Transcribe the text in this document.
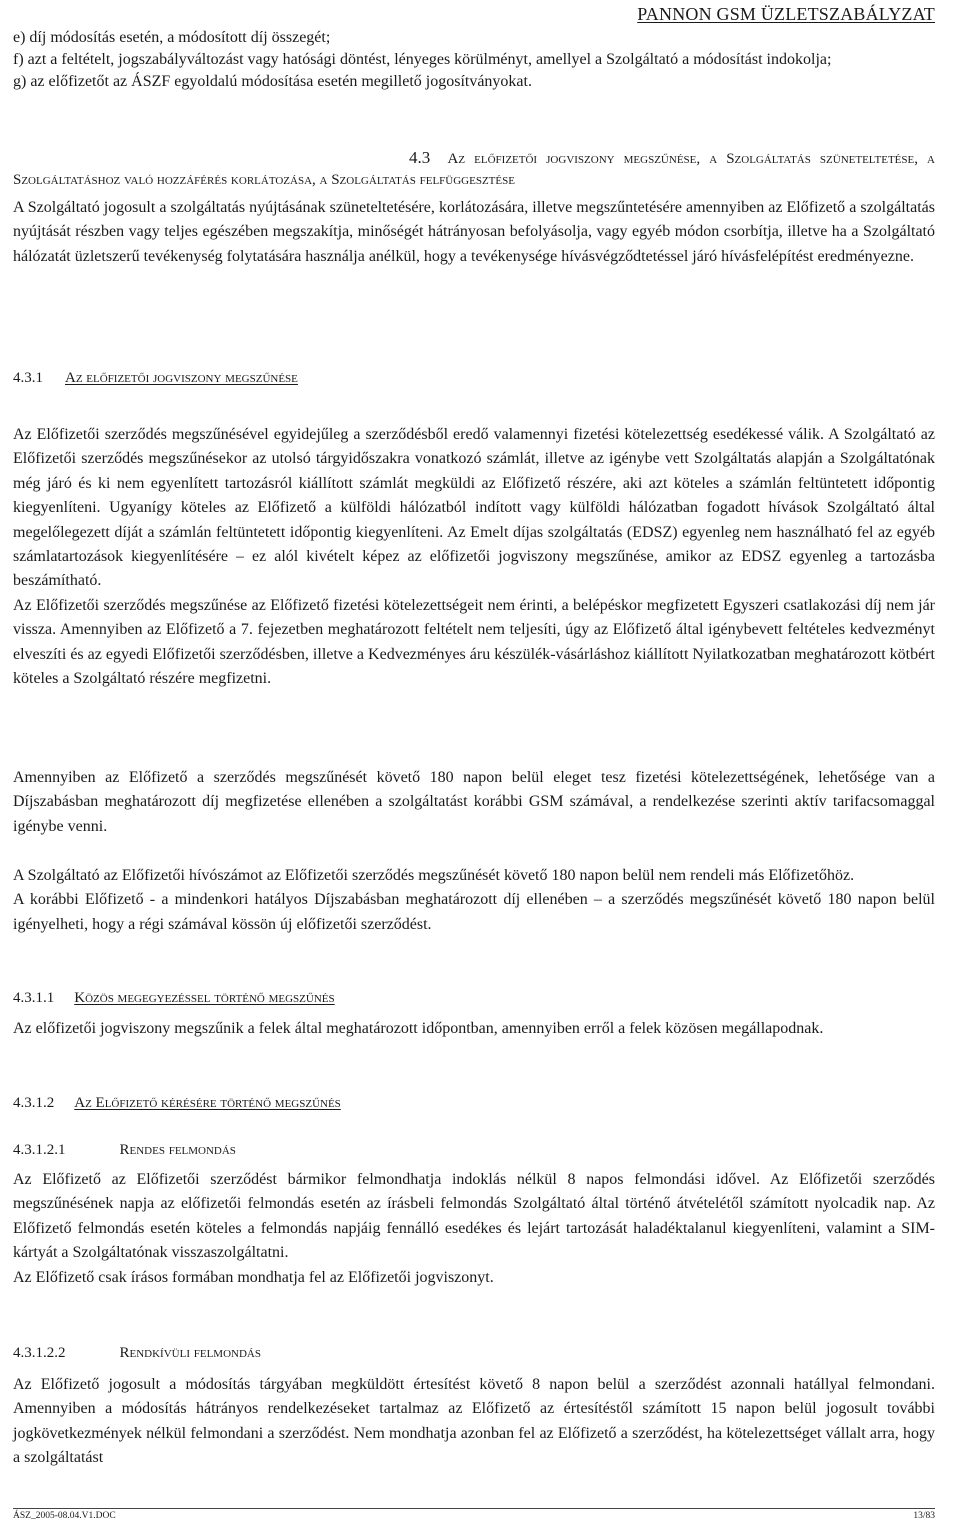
PANNON GSM ÜZLETSZABÁLYZAT
e) díj módosítás esetén, a módosított díj összegét;
f) azt a feltételt, jogszabályváltozást vagy hatósági döntést, lényeges körülményt, amellyel a Szolgáltató a módosítást indokolja;
g) az előfizetőt az ÁSZF egyoldalú módosítása esetén megillető jogosítványokat.
4.3 Az előfizetői jogviszony megszűnése, a Szolgáltatás szüneteltetése, a Szolgáltatáshoz való hozzáférés korlátozása, a Szolgáltatás felfüggesztése

A Szolgáltató jogosult a szolgáltatás nyújtásának szüneteltetésére, korlátozására, illetve megszűntetésére amennyiben az Előfizető a szolgáltatás nyújtását részben vagy teljes egészében megszakítja, minőségét hátrányosan befolyásolja, vagy egyéb módon csorbítja, illetve ha a Szolgáltató hálózatát üzletszerű tevékenység folytatására használja anélkül, hogy a tevékenysége hívásvégződtetéssel járó hívásfelépítést eredményezne.

4.3.1 Az előfizetői jogviszony megszűnése

Az Előfizetői szerződés megszűnésével egyidejűleg a szerződésből eredő valamennyi fizetési kötelezettség esedékessé válik. A Szolgáltató az Előfizetői szerződés megszűnésekor az utolsó tárgyidőszakra vonatkozó számlát, illetve az igénybe vett Szolgáltatás alapján a Szolgáltatónak még járó és ki nem egyenlített tartozásról kiállított számlát megküldi az Előfizető részére, aki azt köteles a számlán feltüntetett időpontig kiegyenlíteni. Ugyanígy köteles az Előfizető a külföldi hálózatból indított vagy külföldi hálózatban fogadott hívások Szolgáltató által megelőlegezett díját a számlán feltüntetett időpontig kiegyenlíteni. Az Emelt díjas szolgáltatás (EDSZ) egyenleg nem használható fel az egyéb számlatartozások kiegyenlítésére – ez alól kivételt képez az előfizetői jogviszony megszűnése, amikor az EDSZ egyenleg a tartozásba beszámítható.

Az Előfizetői szerződés megszűnése az Előfizető fizetési kötelezettségeit nem érinti, a belépéskor megfizetett Egyszeri csatlakozási díj nem jár vissza. Amennyiben az Előfizető a 7. fejezetben meghatározott feltételt nem teljesíti, úgy az Előfizető által igénybevett feltételes kedvezményt elveszíti és az egyedi Előfizetői szerződésben, illetve a Kedvezményes áru készülék-vásárláshoz kiállított Nyilatkozatban meghatározott kötbért köteles a Szolgáltató részére megfizetni.

Amennyiben az Előfizető a szerződés megszűnését követő 180 napon belül eleget tesz fizetési kötelezettségének, lehetősége van a Díjszabásban meghatározott díj megfizetése ellenében a szolgáltatást korábbi GSM számával, a rendelkezése szerinti aktív tarifacsomaggal igénybe venni.

A Szolgáltató az Előfizetői hívószámot az Előfizetői szerződés megszűnését követő 180 napon belül nem rendeli más Előfizetőhöz.

A korábbi Előfizető - a mindenkori hatályos Díjszabásban meghatározott díj ellenében – a szerződés megszűnését követő 180 napon belül igényelheti, hogy a régi számával kössön új előfizetői szerződést.

4.3.1.1 Közös megegyezéssel történő megszűnés

Az előfizetői jogviszony megszűnik a felek által meghatározott időpontban, amennyiben erről a felek közösen megállapodnak.

4.3.1.2 Az Előfizető kérésére történő megszűnés
4.3.1.2.1	Rendes felmondás

Az Előfizető az Előfizetői szerződést bármikor felmondhatja indoklás nélkül 8 napos felmondási idővel. Az Előfizetői szerződés megszűnésének napja az előfizetői felmondás esetén az írásbeli felmondás Szolgáltató által történő átvételétől számított nyolcadik nap. Az Előfizető felmondás esetén köteles a felmondás napjáig fennálló esedékes és lejárt tartozását haladéktalanul kiegyenlíteni, valamint a SIM-kártyát a Szolgáltatónak visszaszolgáltatni.

Az Előfizető csak írásos formában mondhatja fel az Előfizetői jogviszonyt.

4.3.1.2.2	Rendkívüli felmondás

Az Előfizető jogosult a módosítás tárgyában megküldött értesítést követő 8 napon belül a szerződést azonnali hatállyal felmondani. Amennyiben a módosítás hátrányos rendelkezéseket tartalmaz az Előfizető az értesítéstől számított 15 napon belül jogosult további jogkövetkezmények nélkül felmondani a szerződést. Nem mondhatja azonban fel az Előfizető a szerződést, ha kötelezettséget vállalt arra, hogy a szolgáltatást

ÁSZ_2005-08.04.V1.DOC	13/83
